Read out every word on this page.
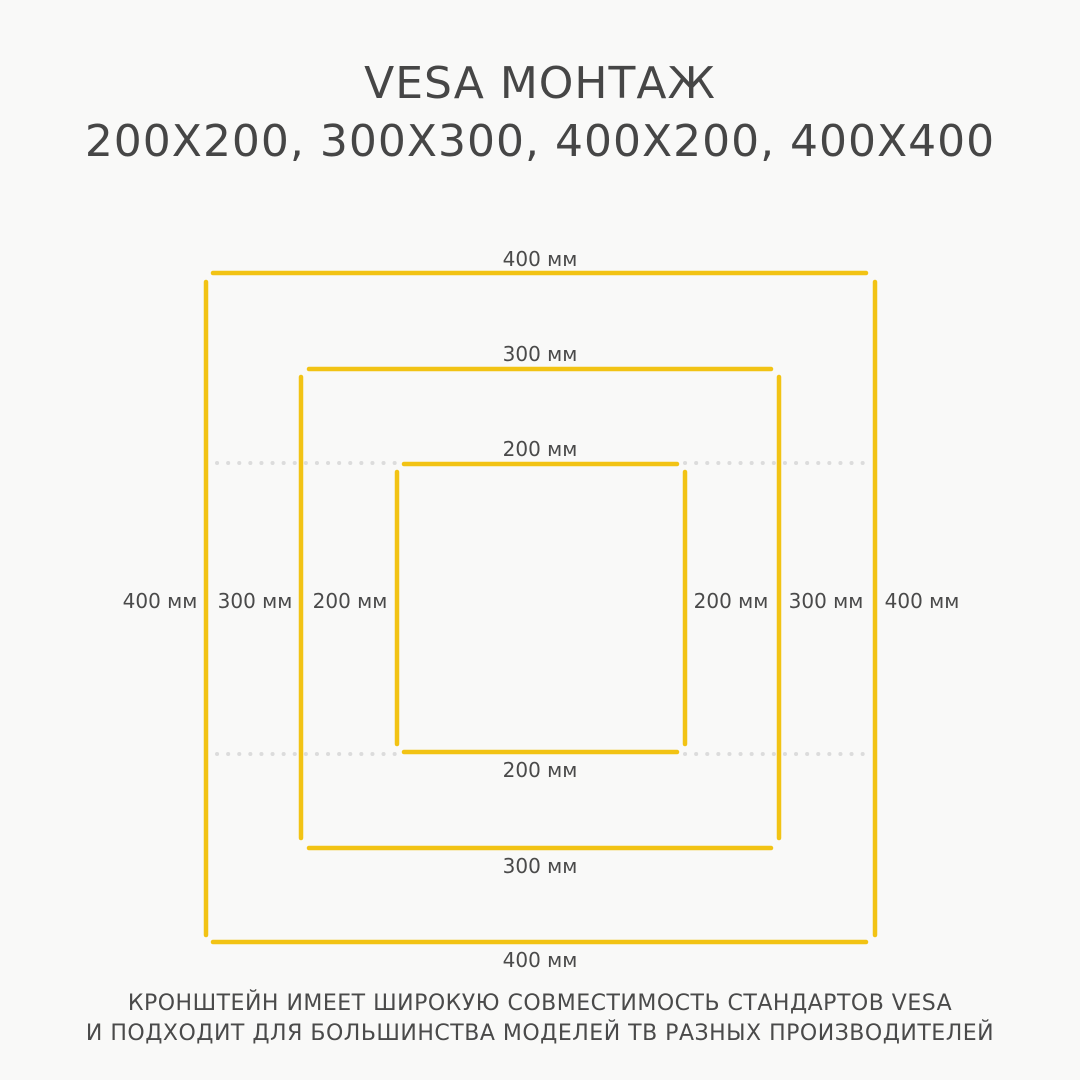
VESA МОНТАЖ
200X200, 300X300, 400X200, 400X400
400 мм
400 мм
400 мм	400 мм
300 мм
300 мм
300 мм	300 мм
200 мм
200 мм
200 мм	200 мм
КРОНШТЕЙН ИМЕЕТ ШИРОКУЮ СОВМЕСТИМОСТЬ СТАНДАРТОВ VESA
И ПОДХОДИТ ДЛЯ БОЛЬШИНСТВА МОДЕЛЕЙ ТВ РАЗНЫХ ПРОИЗВОДИТЕЛЕЙ
